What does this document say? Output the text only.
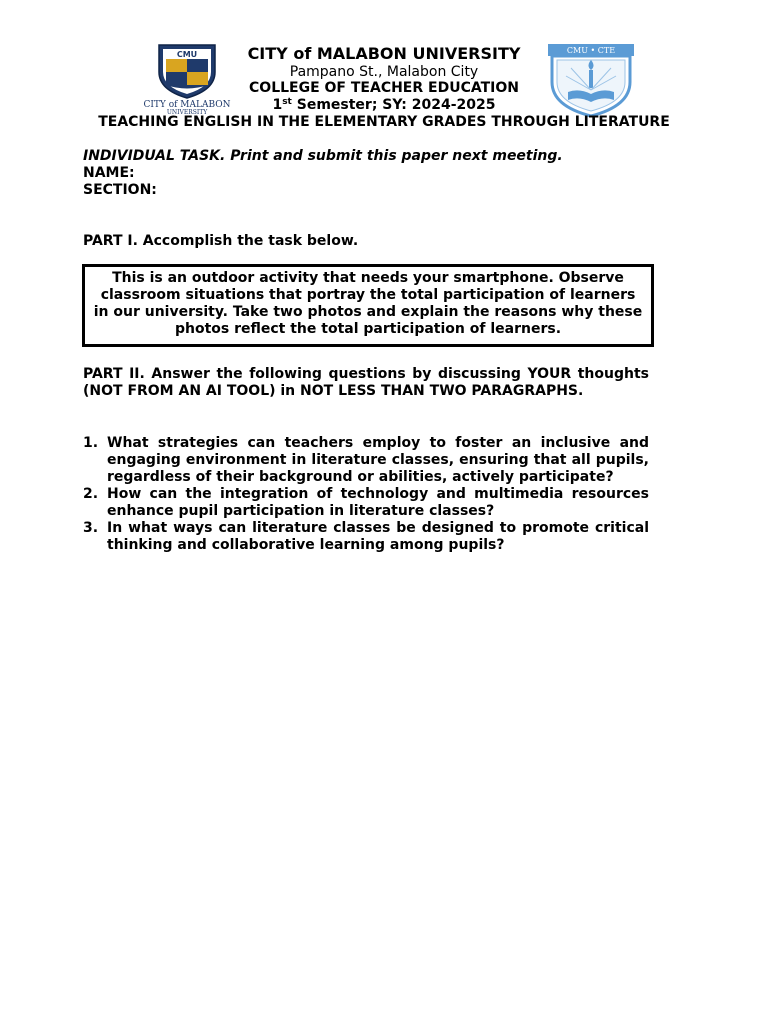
CMU
CITY of MALABON
UNIVERSITY
CMU • CTE
CITY of MALABON UNIVERSITY
Pampano St., Malabon City
COLLEGE OF TEACHER EDUCATION
1st Semester; SY: 2024-2025
TEACHING ENGLISH IN THE ELEMENTARY GRADES THROUGH LITERATURE
INDIVIDUAL TASK. Print and submit this paper next meeting.
NAME:
SECTION:
PART I. Accomplish the task below.
This is an outdoor activity that needs your smartphone. Observe classroom situations that portray the total participation of learners in our university. Take two photos and explain the reasons why these photos reflect the total participation of learners.
PART II. Answer the following questions by discussing YOUR thoughts (NOT FROM AN AI TOOL) in NOT LESS THAN TWO PARAGRAPHS.
1. What strategies can teachers employ to foster an inclusive and engaging environment in literature classes, ensuring that all pupils, regardless of their background or abilities, actively participate?
2. How can the integration of technology and multimedia resources enhance pupil participation in literature classes?
3. In what ways can literature classes be designed to promote critical thinking and collaborative learning among pupils?
